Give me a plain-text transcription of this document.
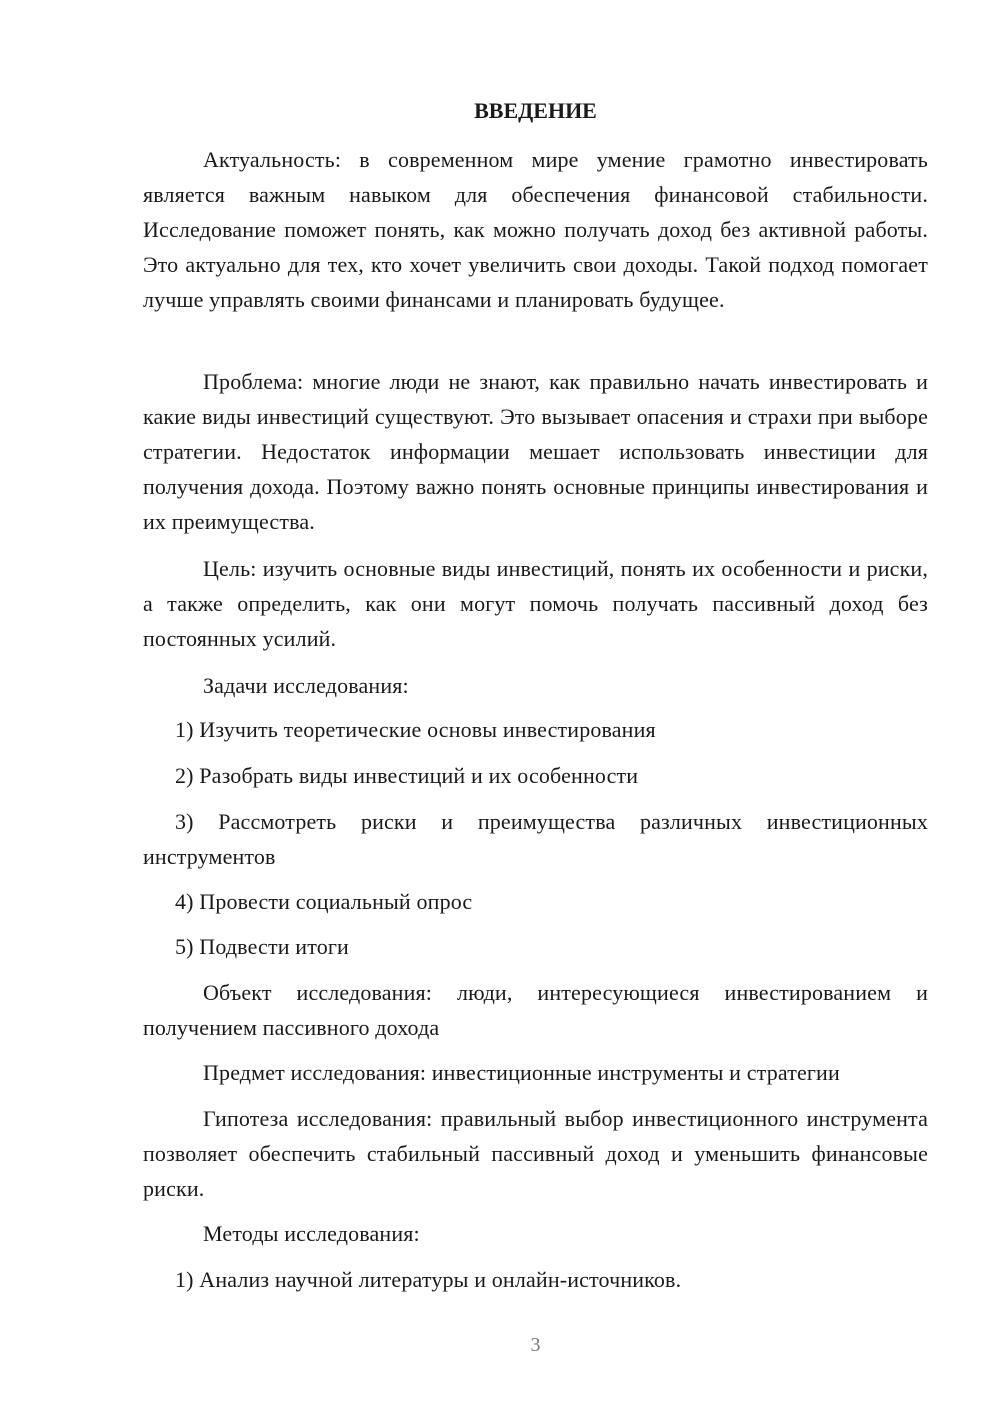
ВВЕДЕНИЕ

Актуальность: в современном мире умение грамотно инвестировать является важным навыком для обеспечения финансовой стабильности. Исследование поможет понять, как можно получать доход без активной работы. Это актуально для тех, кто хочет увеличить свои доходы. Такой подход помогает лучше управлять своими финансами и планировать будущее.

Проблема: многие люди не знают, как правильно начать инвестировать и какие виды инвестиций существуют. Это вызывает опасения и страхи при выборе стратегии. Недостаток информации мешает использовать инвестиции для получения дохода. Поэтому важно понять основные принципы инвестирования и их преимущества.

Цель: изучить основные виды инвестиций, понять их особенности и риски, а также определить, как они могут помочь получать пассивный доход без постоянных усилий.

Задачи исследования:

1) Изучить теоретические основы инвестирования

2) Разобрать виды инвестиций и их особенности

3) Рассмотреть риски и преимущества различных инвестиционных инструментов

4) Провести социальный опрос

5) Подвести итоги

Объект исследования: люди, интересующиеся инвестированием и получением пассивного дохода

Предмет исследования: инвестиционные инструменты и стратегии

Гипотеза исследования: правильный выбор инвестиционного инструмента позволяет обеспечить стабильный пассивный доход и уменьшить финансовые риски.

Методы исследования:

1) Анализ научной литературы и онлайн-источников.

3
